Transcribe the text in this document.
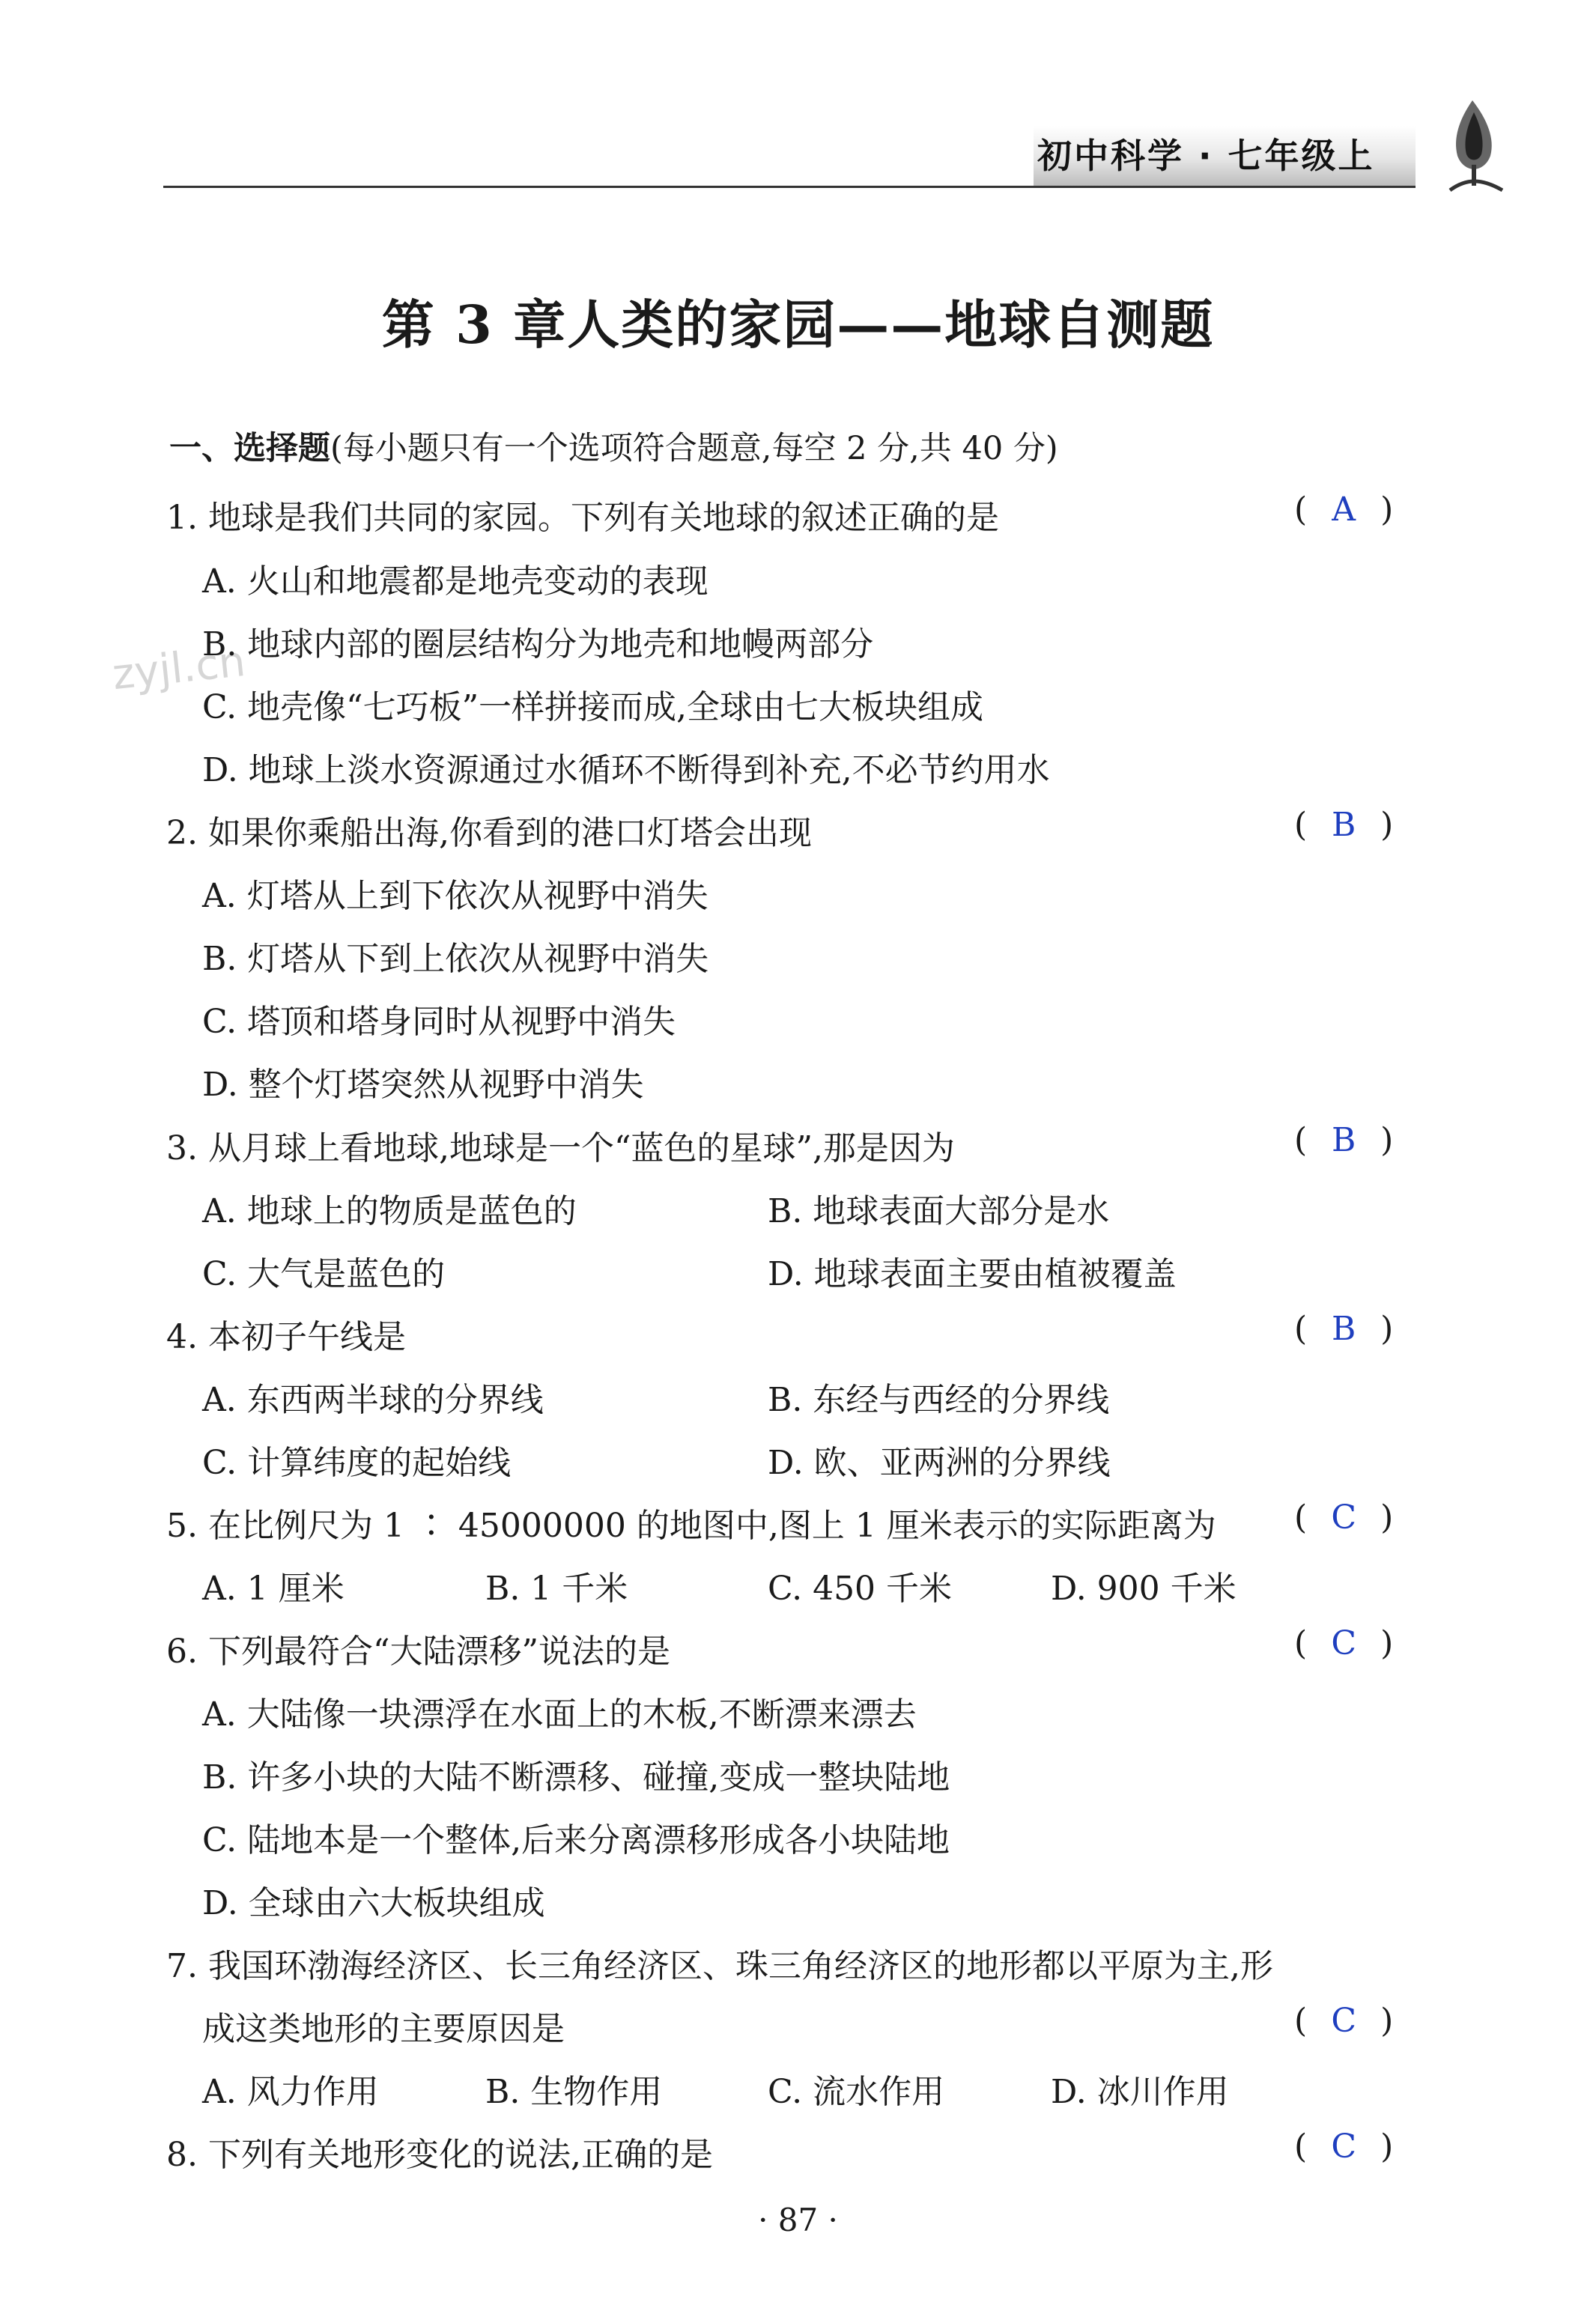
初中科学 · 七年级上
第 3 章人类的家园——地球自测题
一、选择题(每小题只有一个选项符合题意,每空 2 分,共 40 分)
zyjl.cn
1. 地球是我们共同的家园。下列有关地球的叙述正确的是	( A )
A. 火山和地震都是地壳变动的表现
B. 地球内部的圈层结构分为地壳和地幔两部分
C. 地壳像“七巧板”一样拼接而成,全球由七大板块组成
D. 地球上淡水资源通过水循环不断得到补充,不必节约用水
2. 如果你乘船出海,你看到的港口灯塔会出现	( B )
A. 灯塔从上到下依次从视野中消失
B. 灯塔从下到上依次从视野中消失
C. 塔顶和塔身同时从视野中消失
D. 整个灯塔突然从视野中消失
3. 从月球上看地球,地球是一个“蓝色的星球”,那是因为	( B )
A. 地球上的物质是蓝色的	B. 地球表面大部分是水
C. 大气是蓝色的	D. 地球表面主要由植被覆盖
4. 本初子午线是	( B )
A. 东西两半球的分界线	B. 东经与西经的分界线
C. 计算纬度的起始线	D. 欧、亚两洲的分界线
5. 在比例尺为 1 ∶ 45000000 的地图中,图上 1 厘米表示的实际距离为 ( C )
A. 1 厘米	B. 1 千米	C. 450 千米	D. 900 千米
6. 下列最符合“大陆漂移”说法的是	( C )
A. 大陆像一块漂浮在水面上的木板,不断漂来漂去
B. 许多小块的大陆不断漂移、碰撞,变成一整块陆地
C. 陆地本是一个整体,后来分离漂移形成各小块陆地
D. 全球由六大板块组成
7. 我国环渤海经济区、长三角经济区、珠三角经济区的地形都以平原为主,形
成这类地形的主要原因是	( C )
A. 风力作用	B. 生物作用	C. 流水作用	D. 冰川作用
8. 下列有关地形变化的说法,正确的是	( C )
· 87 ·
